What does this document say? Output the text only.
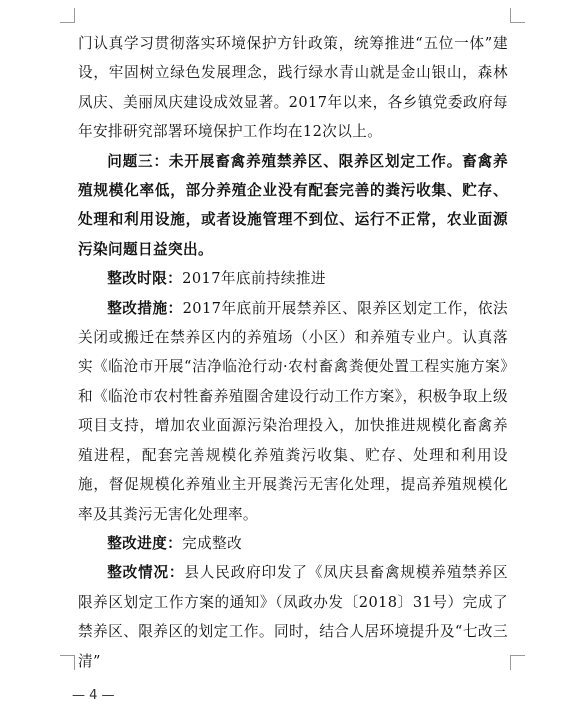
门认真学习贯彻落实环境保护方针政策，统筹推进“五位一体”建设，牢固树立绿色发展理念，践行绿水青山就是金山银山，森林凤庆、美丽凤庆建设成效显著。2017年以来，各乡镇党委政府每年安排研究部署环境保护工作均在12次以上。

问题三：未开展畜禽养殖禁养区、限养区划定工作。畜禽养殖规模化率低，部分养殖企业没有配套完善的粪污收集、贮存、处理和利用设施，或者设施管理不到位、运行不正常，农业面源污染问题日益突出。

整改时限：2017年底前持续推进

整改措施：2017年底前开展禁养区、限养区划定工作，依法关闭或搬迁在禁养区内的养殖场（小区）和养殖专业户。认真落实《临沧市开展“洁净临沧行动·农村畜禽粪便处置工程实施方案》和《临沧市农村牲畜养殖圈舍建设行动工作方案》，积极争取上级项目支持，增加农业面源污染治理投入，加快推进规模化畜禽养殖进程，配套完善规模化养殖粪污收集、贮存、处理和利用设施，督促规模化养殖业主开展粪污无害化处理，提高养殖规模化率及其粪污无害化处理率。

整改进度：完成整改

整改情况：县人民政府印发了《凤庆县畜禽规模养殖禁养区限养区划定工作方案的通知》（凤政办发〔2018〕31号）完成了禁养区、限养区的划定工作。同时，结合人居环境提升及“七改三清”

— 4 —
